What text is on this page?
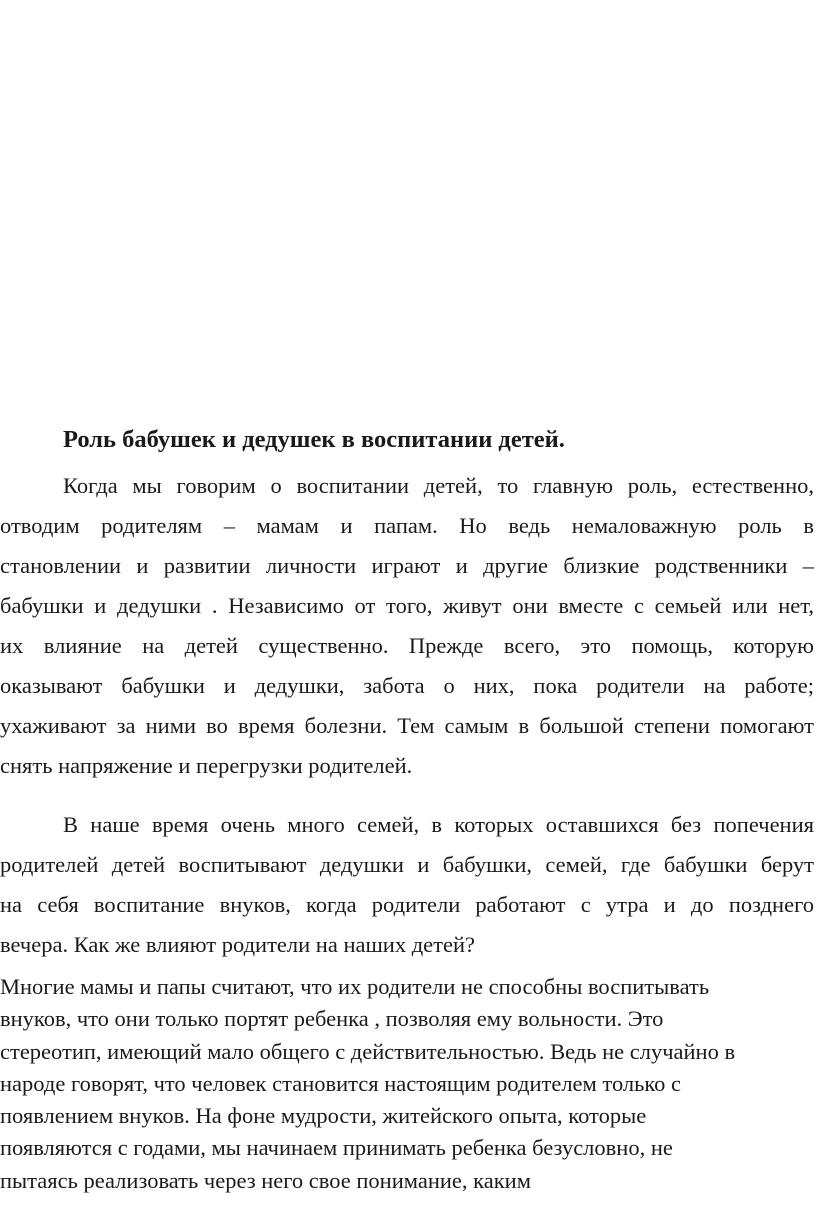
Роль бабушек и дедушек в воспитании детей.

Когда мы говорим о воспитании детей, то главную роль, естественно,
отводим родителям – мамам и папам. Но ведь немаловажную роль в
становлении и развитии личности играют и другие близкие родственники –
бабушки и дедушки . Независимо от того, живут они вместе с семьей или нет,
их влияние на детей существенно. Прежде всего, это помощь, которую
оказывают бабушки и дедушки, забота о них, пока родители на работе;
ухаживают за ними во время болезни. Тем самым в большой степени помогают
снять напряжение и перегрузки родителей.

В наше время очень много семей, в которых оставшихся без попечения
родителей детей воспитывают дедушки и бабушки, семей, где бабушки берут
на себя воспитание внуков, когда родители работают с утра и до позднего
вечера. Как же влияют родители на наших детей?

Многие мамы и папы считают, что их родители не способны воспитывать
внуков, что они только портят ребенка , позволяя ему вольности. Это
стереотип, имеющий мало общего с действительностью. Ведь не случайно в
народе говорят, что человек становится настоящим родителем только с
появлением внуков. На фоне мудрости, житейского опыта, которые
появляются с годами, мы начинаем принимать ребенка безусловно, не
пытаясь реализовать через него свое понимание, каким
